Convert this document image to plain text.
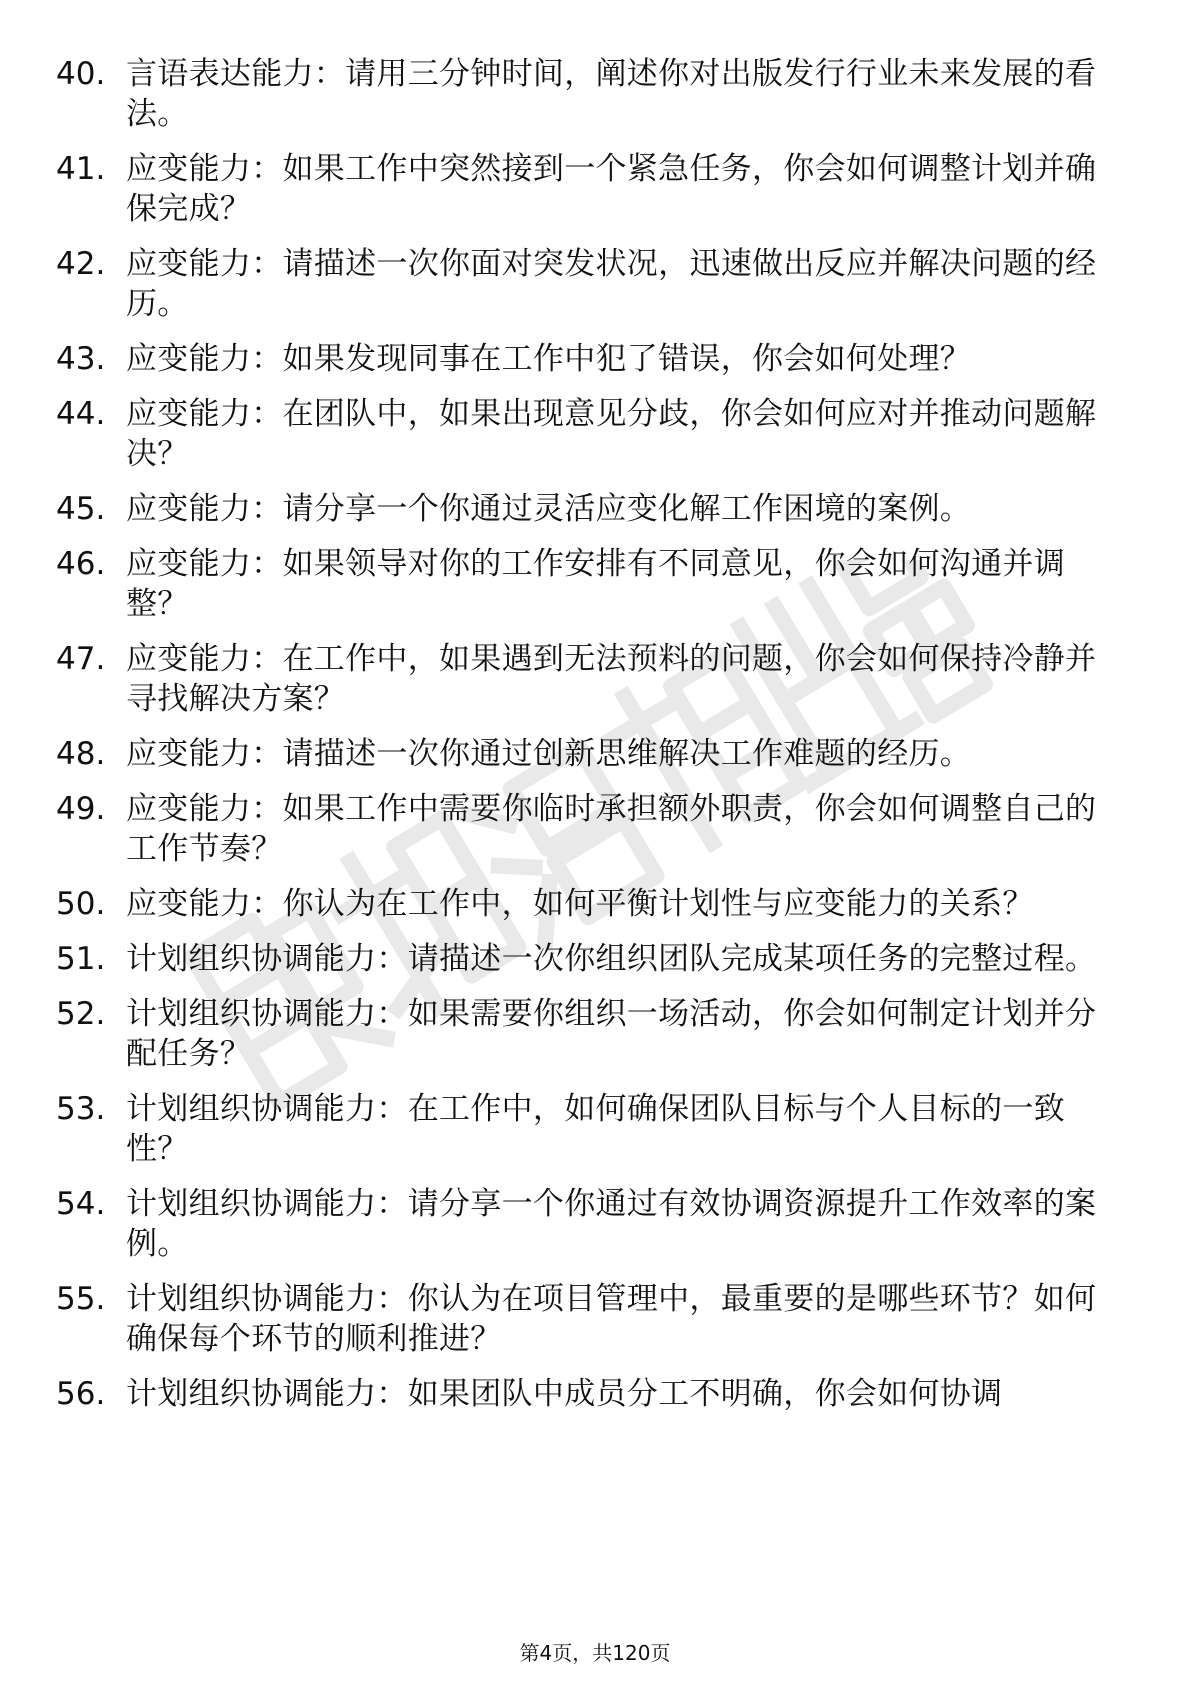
40. 言语表达能力：请用三分钟时间，阐述你对出版发行行业未来发展的看法。
41. 应变能力：如果工作中突然接到一个紧急任务，你会如何调整计划并确保完成？
42. 应变能力：请描述一次你面对突发状况，迅速做出反应并解决问题的经历。
43. 应变能力：如果发现同事在工作中犯了错误，你会如何处理？
44. 应变能力：在团队中，如果出现意见分歧，你会如何应对并推动问题解决？
45. 应变能力：请分享一个你通过灵活应变化解工作困境的案例。
46. 应变能力：如果领导对你的工作安排有不同意见，你会如何沟通并调整？
47. 应变能力：在工作中，如果遇到无法预料的问题，你会如何保持冷静并寻找解决方案？
48. 应变能力：请描述一次你通过创新思维解决工作难题的经历。
49. 应变能力：如果工作中需要你临时承担额外职责，你会如何调整自己的工作节奏？
50. 应变能力：你认为在工作中，如何平衡计划性与应变能力的关系？
51. 计划组织协调能力：请描述一次你组织团队完成某项任务的完整过程。
52. 计划组织协调能力：如果需要你组织一场活动，你会如何制定计划并分配任务？
53. 计划组织协调能力：在工作中，如何确保团队目标与个人目标的一致性？
54. 计划组织协调能力：请分享一个你通过有效协调资源提升工作效率的案例。
55. 计划组织协调能力：你认为在项目管理中，最重要的是哪些环节？如何确保每个环节的顺利推进？
56. 计划组织协调能力：如果团队中成员分工不明确，你会如何协调
第4页，共120页
